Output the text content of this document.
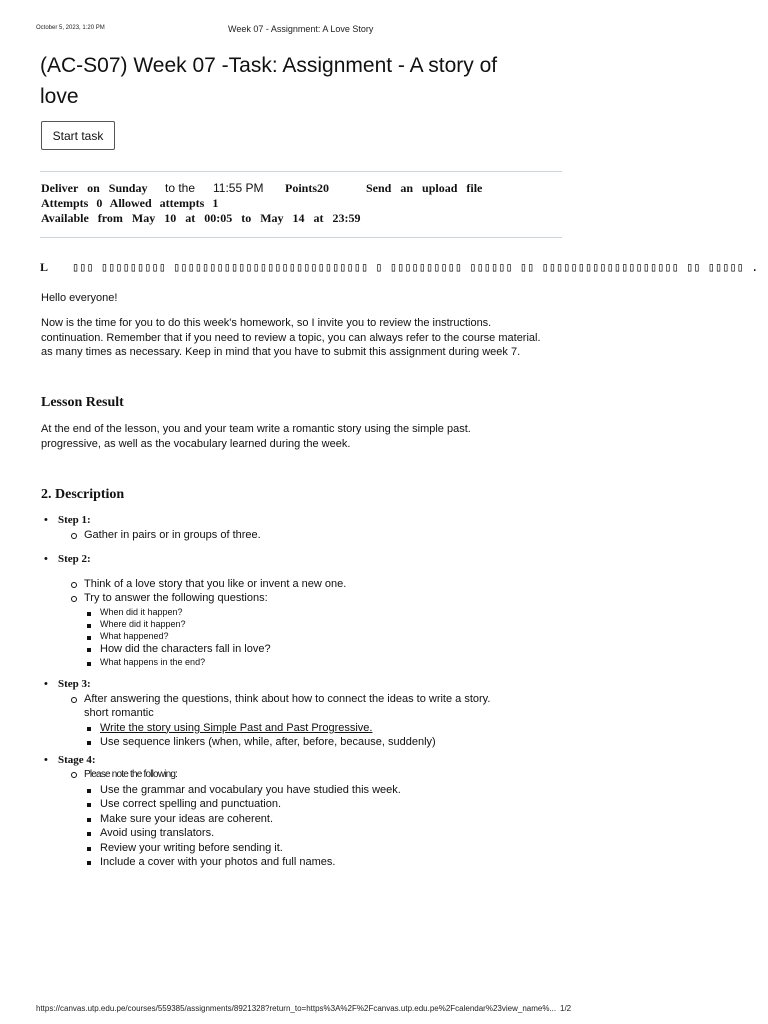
October 5, 2023, 1:20 PM	Week 07 - Assignment: A Love Story
(AC-S07) Week 07 -Task: Assignment - A story of love
Start task
Deliver on Sunday to the 11:55 PM Points20	Send an upload file
Attempts 0 Allowed attempts 1
Available from May 10 at 00:05 to May 14 at 23:59
L ▯▯▯ ▯▯▯▯▯▯▯▯▯ ▯▯▯▯▯▯▯▯▯▯▯▯▯▯▯▯▯▯▯▯▯▯▯▯▯▯▯ ▯ ▯▯▯▯▯▯▯▯▯▯ ▯▯▯▯▯▯ ▯▯ ▯▯▯▯▯▯▯▯▯▯▯▯▯▯▯▯▯▯▯ ▯▯ ▯▯▯▯▯ .
Hello everyone!
Now is the time for you to do this week's homework, so I invite you to review the instructions.
continuation. Remember that if you need to review a topic, you can always refer to the course material.
as many times as necessary. Keep in mind that you have to submit this assignment during week 7.
Lesson Result
At the end of the lesson, you and your team write a romantic story using the simple past.
progressive, as well as the vocabulary learned during the week.
2. Description
• Step 1:
Gather in pairs or in groups of three.
• Step 2:
Think of a love story that you like or invent a new one.
Try to answer the following questions:
When did it happen?
Where did it happen?
What happened?
How did the characters fall in love?
What happens in the end?
• Step 3:
After answering the questions, think about how to connect the ideas to write a story.
short romantic
Write the story using Simple Past and Past Progressive.
Use sequence linkers (when, while, after, before, because, suddenly)
• Stage 4:
Please note the following:
Use the grammar and vocabulary you have studied this week.
Use correct spelling and punctuation.
Make sure your ideas are coherent.
Avoid using translators.
Review your writing before sending it.
Include a cover with your photos and full names.
https://canvas.utp.edu.pe/courses/559385/assignments/8921328?return_to=https%3A%2F%2Fcanvas.utp.edu.pe%2Fcalendar%23view_name%... 1/2
